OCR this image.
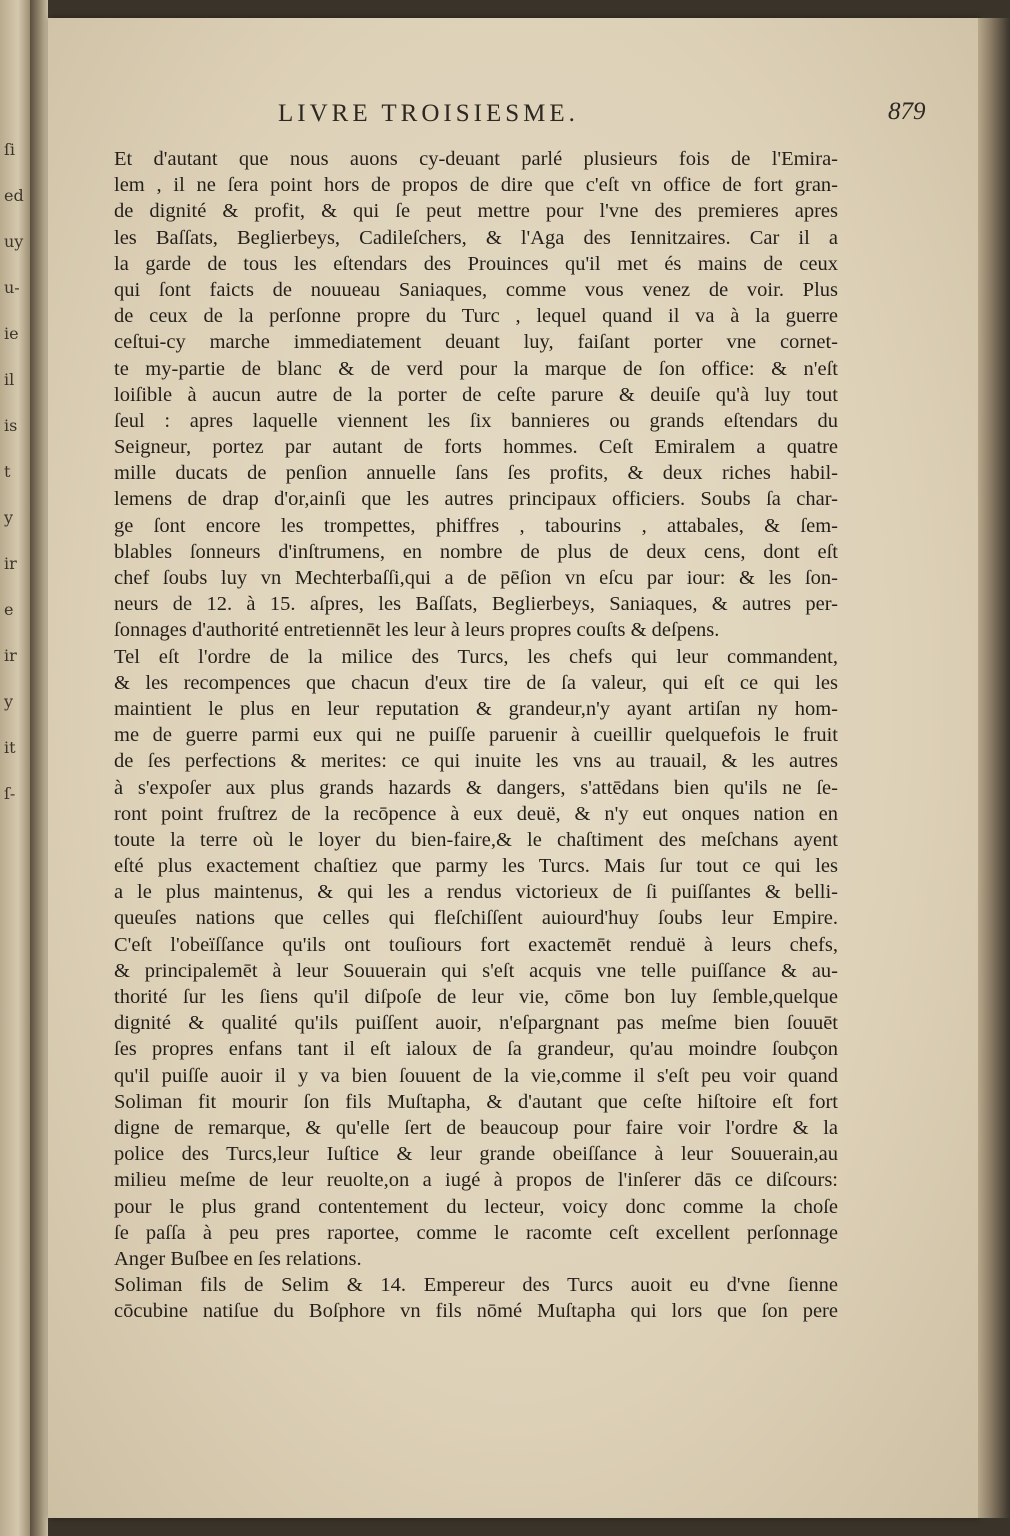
ſi
ed
uy
u-
ie
il
is
t
y
ir
e
ir
y
it
ſ-
LIVRE TROISIESME.	879
Et d'autant que nous auons cy-deuant parlé plusieurs fois de l'Emira-
lem , il ne ſera point hors de propos de dire que c'eſt vn office de fort gran-
de dignité & profit, & qui ſe peut mettre pour l'vne des premieres apres
les Baſſats, Beglierbeys, Cadileſchers, & l'Aga des Iennitzaires. Car il a
la garde de tous les eſtendars des Prouinces qu'il met és mains de ceux
qui ſont faicts de nouueau Saniaques, comme vous venez de voir. Plus
de ceux de la perſonne propre du Turc , lequel quand il va à la guerre
ceſtui-cy marche immediatement deuant luy, faiſant porter vne cornet-
te my-partie de blanc & de verd pour la marque de ſon office: & n'eſt
loiſible à aucun autre de la porter de ceſte parure & deuiſe qu'à luy tout
ſeul : apres laquelle viennent les ſix bannieres ou grands eſtendars du
Seigneur, portez par autant de forts hommes. Ceſt Emiralem a quatre
mille ducats de penſion annuelle ſans ſes profits, & deux riches habil-
lemens de drap d'or,ainſi que les autres principaux officiers. Soubs ſa char-
ge ſont encore les trompettes, phiffres , tabourins , attabales, & ſem-
blables ſonneurs d'inſtrumens, en nombre de plus de deux cens, dont eſt
chef ſoubs luy vn Mechterbaſſi,qui a de pēſion vn eſcu par iour: & les ſon-
neurs de 12. à 15. aſpres, les Baſſats, Beglierbeys, Saniaques, & autres per-
ſonnages d'authorité entretiennēt les leur à leurs propres couſts & deſpens.
Tel eſt l'ordre de la milice des Turcs, les chefs qui leur commandent,
& les recompences que chacun d'eux tire de ſa valeur, qui eſt ce qui les
maintient le plus en leur reputation & grandeur,n'y ayant artiſan ny hom-
me de guerre parmi eux qui ne puiſſe paruenir à cueillir quelquefois le fruit
de ſes perfections & merites: ce qui inuite les vns au trauail, & les autres
à s'expoſer aux plus grands hazards & dangers, s'attēdans bien qu'ils ne ſe-
ront point fruſtrez de la recōpence à eux deuë, & n'y eut onques nation en
toute la terre où le loyer du bien-faire,& le chaſtiment des meſchans ayent
eſté plus exactement chaſtiez que parmy les Turcs. Mais ſur tout ce qui les
a le plus maintenus, & qui les a rendus victorieux de ſi puiſſantes & belli-
queuſes nations que celles qui fleſchiſſent auiourd'huy ſoubs leur Empire.
C'eſt l'obeïſſance qu'ils ont touſiours fort exactemēt renduë à leurs chefs,
& principalemēt à leur Souuerain qui s'eſt acquis vne telle puiſſance & au-
thorité ſur les ſiens qu'il diſpoſe de leur vie, cōme bon luy ſemble,quelque
dignité & qualité qu'ils puiſſent auoir, n'eſpargnant pas meſme bien ſouuēt
ſes propres enfans tant il eſt ialoux de ſa grandeur, qu'au moindre ſoubçon
qu'il puiſſe auoir il y va bien ſouuent de la vie,comme il s'eſt peu voir quand
Soliman fit mourir ſon fils Muſtapha, & d'autant que ceſte hiſtoire eſt fort
digne de remarque, & qu'elle ſert de beaucoup pour faire voir l'ordre & la
police des Turcs,leur Iuſtice & leur grande obeiſſance à leur Souuerain,au
milieu meſme de leur reuolte,on a iugé à propos de l'inſerer dās ce diſcours:
pour le plus grand contentement du lecteur, voicy donc comme la choſe
ſe paſſa à peu pres raportee, comme le racomte ceſt excellent perſonnage
Anger Buſbee en ſes relations.
Soliman fils de Selim & 14. Empereur des Turcs auoit eu d'vne ſienne
cōcubine natiſue du Boſphore vn fils nōmé Muſtapha qui lors que ſon pere
